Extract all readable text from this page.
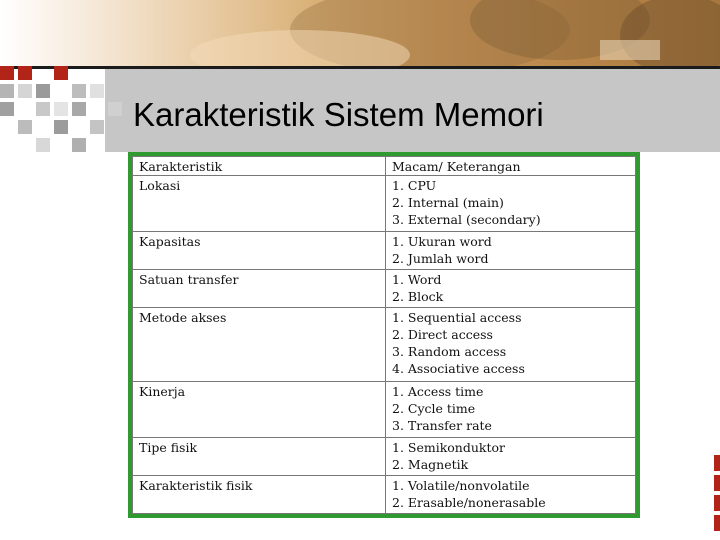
Karakteristik Sistem Memori
Karakteristik	Macam/ Keterangan
Lokasi	1. CPU
2. Internal (main)
3. External (secondary)

Kapasitas	1. Ukuran word
2. Jumlah word

Satuan transfer	1. Word
2. Block

Metode akses	1. Sequential access
2. Direct access
3. Random access
4. Associative access

Kinerja	1. Access time
2. Cycle time
3. Transfer rate

Tipe fisik	1. Semikonduktor
2. Magnetik

Karakteristik fisik	1. Volatile/nonvolatile
2. Erasable/nonerasable
